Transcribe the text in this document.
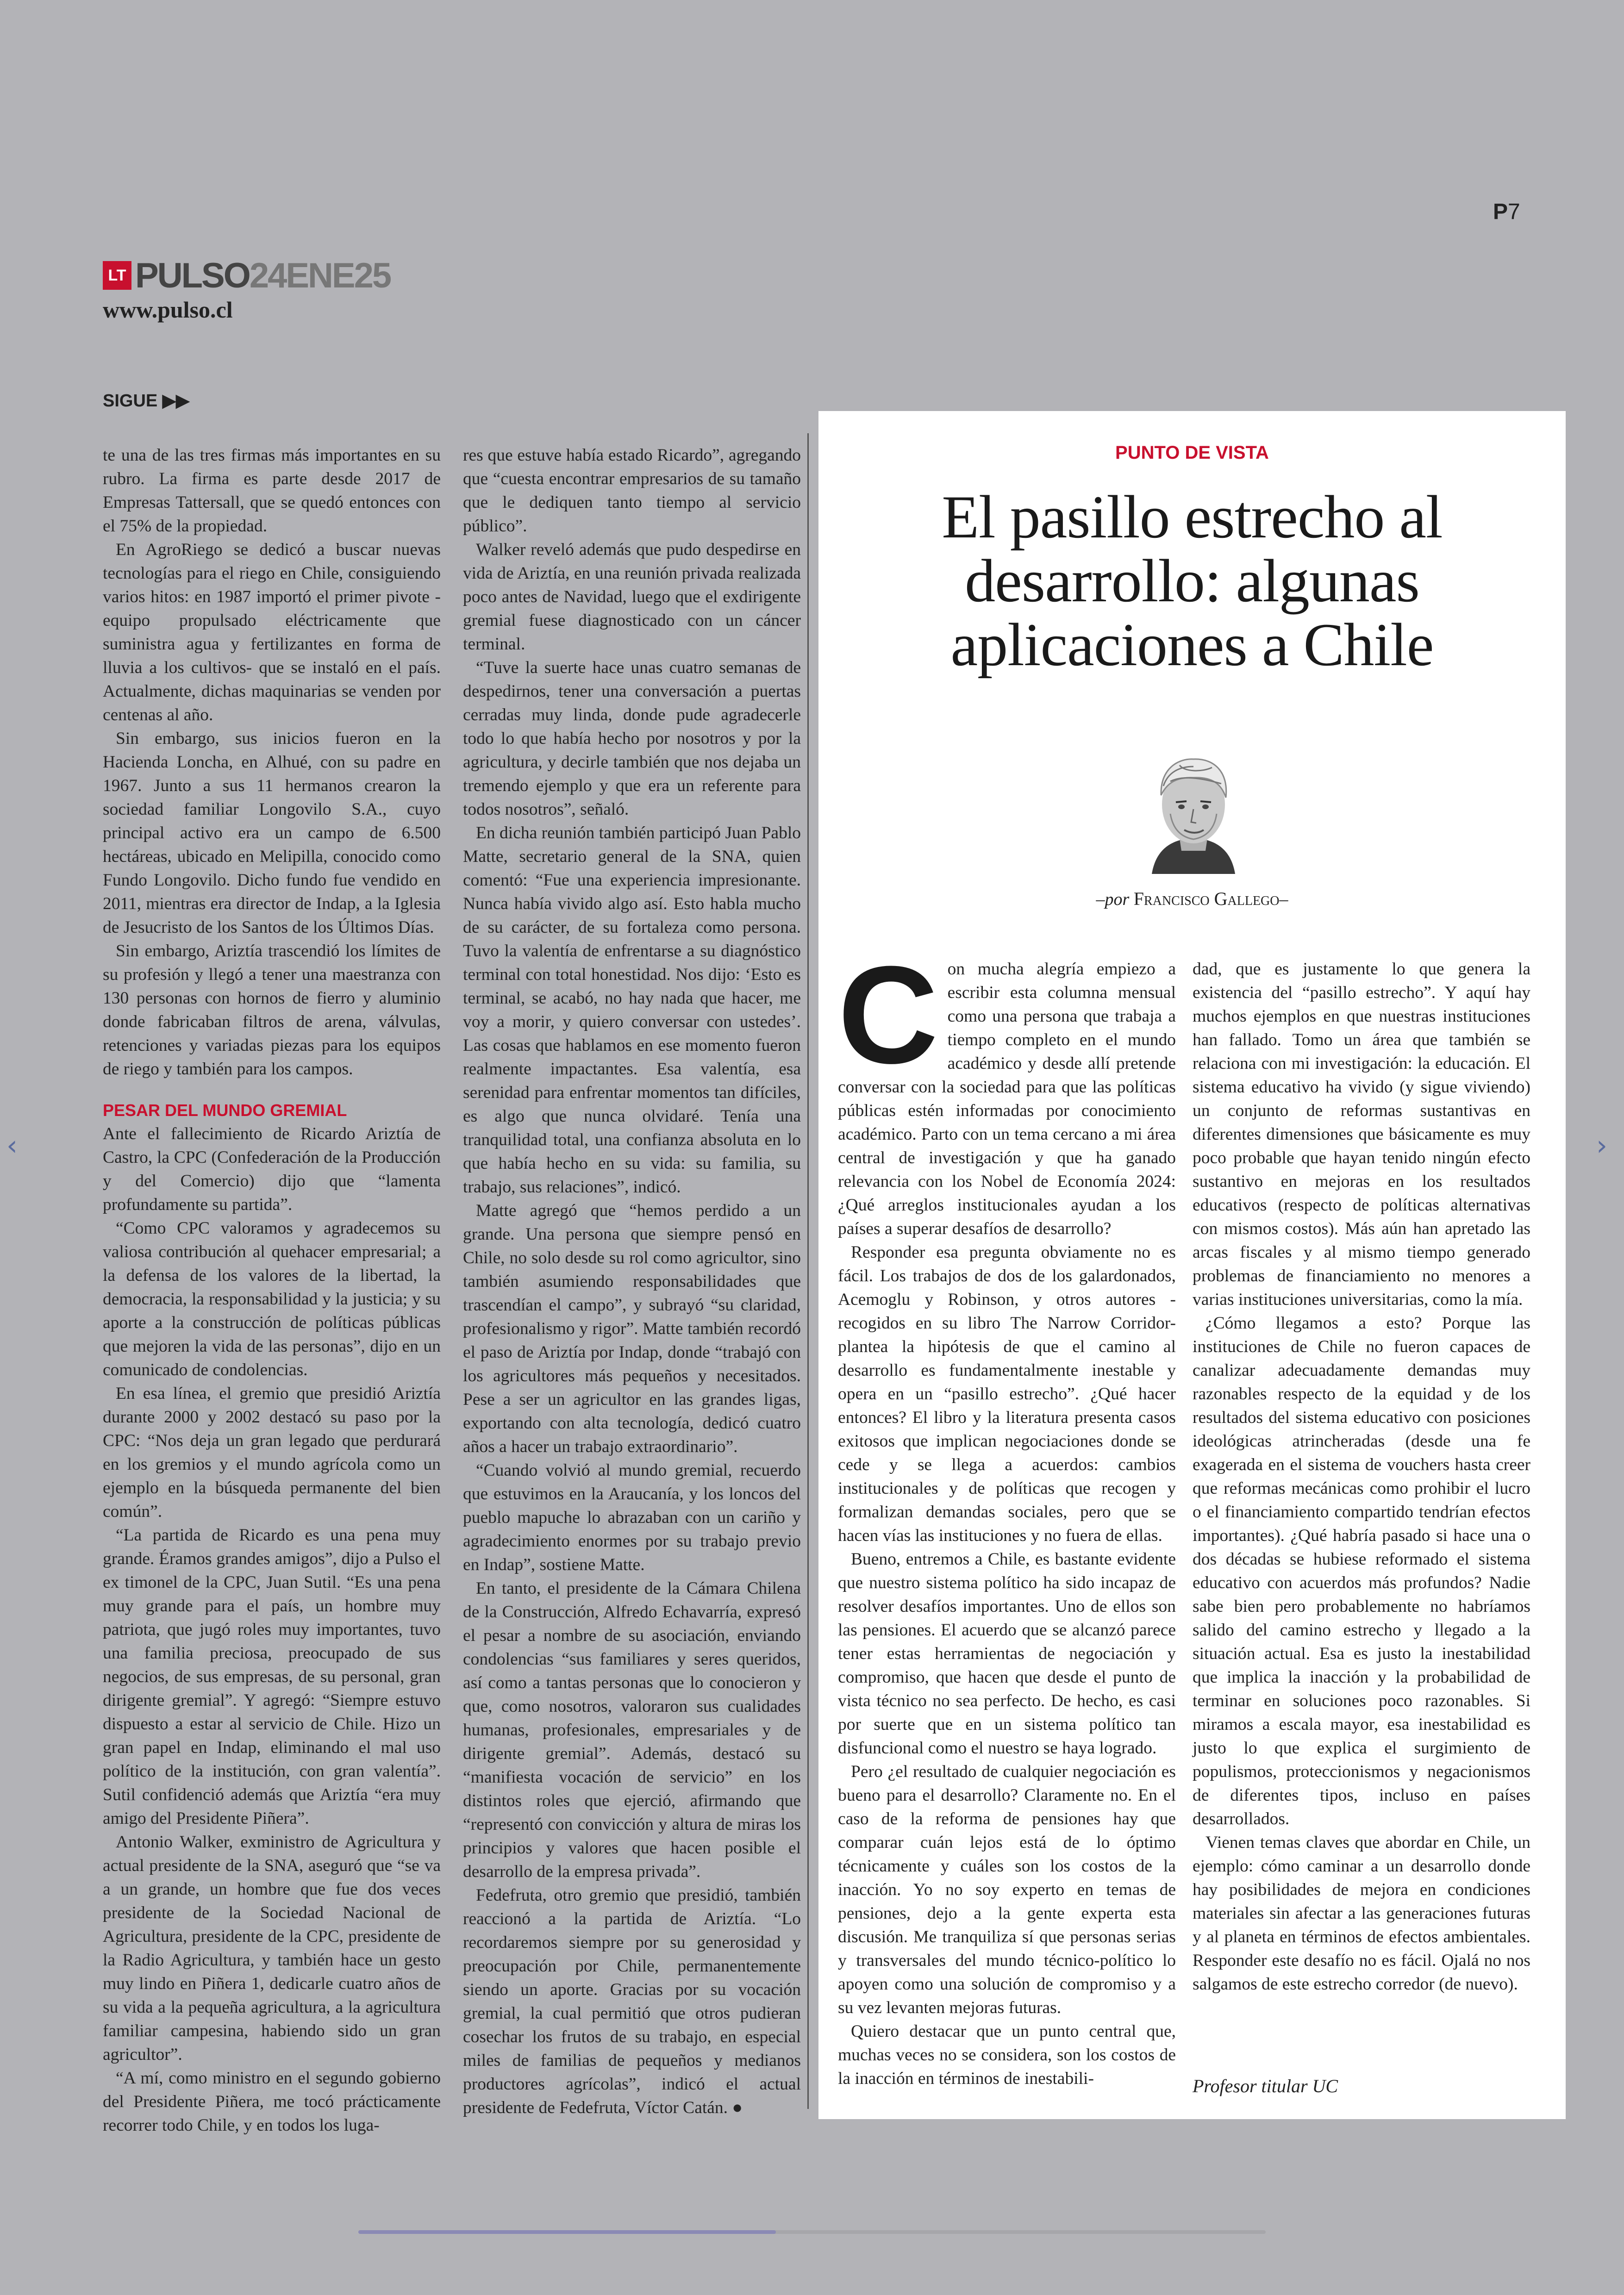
P7
LT PULSO 24ENE25
www.pulso.cl
SIGUE ▶▶

te una de las tres firmas más importantes en su rubro. La firma es parte desde 2017 de Empresas Tattersall, que se quedó entonces con el 75% de la propiedad.

En AgroRiego se dedicó a buscar nuevas tecnologías para el riego en Chile, consiguiendo varios hitos: en 1987 importó el primer pivote -equipo propulsado eléctricamente que suministra agua y fertilizantes en forma de lluvia a los cultivos- que se instaló en el país. Actualmente, dichas maquinarias se venden por centenas al año.

Sin embargo, sus inicios fueron en la Hacienda Loncha, en Alhué, con su padre en 1967. Junto a sus 11 hermanos crearon la sociedad familiar Longovilo S.A., cuyo principal activo era un campo de 6.500 hectáreas, ubicado en Melipilla, conocido como Fundo Longovilo. Dicho fundo fue vendido en 2011, mientras era director de Indap, a la Iglesia de Jesucristo de los Santos de los Últimos Días.

Sin embargo, Ariztía trascendió los límites de su profesión y llegó a tener una maestranza con 130 personas con hornos de fierro y aluminio donde fabricaban filtros de arena, válvulas, retenciones y variadas piezas para los equipos de riego y también para los campos.

PESAR DEL MUNDO GREMIAL

Ante el fallecimiento de Ricardo Ariztía de Castro, la CPC (Confederación de la Producción y del Comercio) dijo que “lamenta profundamente su partida”.

“Como CPC valoramos y agradecemos su valiosa contribución al quehacer empresarial; a la defensa de los valores de la libertad, la democracia, la responsabilidad y la justicia; y su aporte a la construcción de políticas públicas que mejoren la vida de las personas”, dijo en un comunicado de condolencias.

En esa línea, el gremio que presidió Ariztía durante 2000 y 2002 destacó su paso por la CPC: “Nos deja un gran legado que perdurará en los gremios y el mundo agrícola como un ejemplo en la búsqueda permanente del bien común”.

“La partida de Ricardo es una pena muy grande. Éramos grandes amigos”, dijo a Pulso el ex timonel de la CPC, Juan Sutil. “Es una pena muy grande para el país, un hombre muy patriota, que jugó roles muy importantes, tuvo una familia preciosa, preocupado de sus negocios, de sus empresas, de su personal, gran dirigente gremial”. Y agregó: “Siempre estuvo dispuesto a estar al servicio de Chile. Hizo un gran papel en Indap, eliminando el mal uso político de la institución, con gran valentía”. Sutil confidenció además que Ariztía “era muy amigo del Presidente Piñera”.

Antonio Walker, exministro de Agricultura y actual presidente de la SNA, aseguró que “se va a un grande, un hombre que fue dos veces presidente de la Sociedad Nacional de Agricultura, presidente de la CPC, presidente de la Radio Agricultura, y también hace un gesto muy lindo en Piñera 1, dedicarle cuatro años de su vida a la pequeña agricultura, a la agricultura familiar campesina, habiendo sido un gran agricultor”.

“A mí, como ministro en el segundo gobierno del Presidente Piñera, me tocó prácticamente recorrer todo Chile, y en todos los luga-

res que estuve había estado Ricardo”, agregando que “cuesta encontrar empresarios de su tamaño que le dediquen tanto tiempo al servicio público”.

Walker reveló además que pudo despedirse en vida de Ariztía, en una reunión privada realizada poco antes de Navidad, luego que el exdirigente gremial fuese diagnosticado con un cáncer terminal.

“Tuve la suerte hace unas cuatro semanas de despedirnos, tener una conversación a puertas cerradas muy linda, donde pude agradecerle todo lo que había hecho por nosotros y por la agricultura, y decirle también que nos dejaba un tremendo ejemplo y que era un referente para todos nosotros”, señaló.

En dicha reunión también participó Juan Pablo Matte, secretario general de la SNA, quien comentó: “Fue una experiencia impresionante. Nunca había vivido algo así. Esto habla mucho de su carácter, de su fortaleza como persona. Tuvo la valentía de enfrentarse a su diagnóstico terminal con total honestidad. Nos dijo: ‘Esto es terminal, se acabó, no hay nada que hacer, me voy a morir, y quiero conversar con ustedes’. Las cosas que hablamos en ese momento fueron realmente impactantes. Esa valentía, esa serenidad para enfrentar momentos tan difíciles, es algo que nunca olvidaré. Tenía una tranquilidad total, una confianza absoluta en lo que había hecho en su vida: su familia, su trabajo, sus relaciones”, indicó.

Matte agregó que “hemos perdido a un grande. Una persona que siempre pensó en Chile, no solo desde su rol como agricultor, sino también asumiendo responsabilidades que trascendían el campo”, y subrayó “su claridad, profesionalismo y rigor”. Matte también recordó el paso de Ariztía por Indap, donde “trabajó con los agricultores más pequeños y necesitados. Pese a ser un agricultor en las grandes ligas, exportando con alta tecnología, dedicó cuatro años a hacer un trabajo extraordinario”.

“Cuando volvió al mundo gremial, recuerdo que estuvimos en la Araucanía, y los loncos del pueblo mapuche lo abrazaban con un cariño y agradecimiento enormes por su trabajo previo en Indap”, sostiene Matte.

En tanto, el presidente de la Cámara Chilena de la Construcción, Alfredo Echavarría, expresó el pesar a nombre de su asociación, enviando condolencias “sus familiares y seres queridos, así como a tantas personas que lo conocieron y que, como nosotros, valoraron sus cualidades humanas, profesionales, empresariales y de dirigente gremial”. Además, destacó su “manifiesta vocación de servicio” en los distintos roles que ejerció, afirmando que “representó con convicción y altura de miras los principios y valores que hacen posible el desarrollo de la empresa privada”.

Fedefruta, otro gremio que presidió, también reaccionó a la partida de Ariztía. “Lo recordaremos siempre por su generosidad y preocupación por Chile, permanentemente siendo un aporte. Gracias por su vocación gremial, la cual permitió que otros pudieran cosechar los frutos de su trabajo, en especial miles de familias de pequeños y medianos productores agrícolas”, indicó el actual presidente de Fedefruta, Víctor Catán. ●

PUNTO DE VISTA
El pasillo estrecho al desarrollo: algunas aplicaciones a Chile
–por Francisco Gallego–

Con mucha alegría empiezo a escribir esta columna mensual como una persona que trabaja a tiempo completo en el mundo académico y desde allí pretende conversar con la sociedad para que las políticas públicas estén informadas por conocimiento académico. Parto con un tema cercano a mi área central de investigación y que ha ganado relevancia con los Nobel de Economía 2024: ¿Qué arreglos institucionales ayudan a los países a superar desafíos de desarrollo?

Responder esa pregunta obviamente no es fácil. Los trabajos de dos de los galardonados, Acemoglu y Robinson, y otros autores -recogidos en su libro The Narrow Corridor- plantea la hipótesis de que el camino al desarrollo es fundamentalmente inestable y opera en un “pasillo estrecho”. ¿Qué hacer entonces? El libro y la literatura presenta casos exitosos que implican negociaciones donde se cede y se llega a acuerdos: cambios institucionales y de políticas que recogen y formalizan demandas sociales, pero que se hacen vías las instituciones y no fuera de ellas.

Bueno, entremos a Chile, es bastante evidente que nuestro sistema político ha sido incapaz de resolver desafíos importantes. Uno de ellos son las pensiones. El acuerdo que se alcanzó parece tener estas herramientas de negociación y compromiso, que hacen que desde el punto de vista técnico no sea perfecto. De hecho, es casi por suerte que en un sistema político tan disfuncional como el nuestro se haya logrado.

Pero ¿el resultado de cualquier negociación es bueno para el desarrollo? Claramente no. En el caso de la reforma de pensiones hay que comparar cuán lejos está de lo óptimo técnicamente y cuáles son los costos de la inacción. Yo no soy experto en temas de pensiones, dejo a la gente experta esta discusión. Me tranquiliza sí que personas serias y transversales del mundo técnico-político lo apoyen como una solución de compromiso y a su vez levanten mejoras futuras.

Quiero destacar que un punto central que, muchas veces no se considera, son los costos de la inacción en términos de inestabili-

dad, que es justamente lo que genera la existencia del “pasillo estrecho”. Y aquí hay muchos ejemplos en que nuestras instituciones han fallado. Tomo un área que también se relaciona con mi investigación: la educación. El sistema educativo ha vivido (y sigue viviendo) un conjunto de reformas sustantivas en diferentes dimensiones que básicamente es muy poco probable que hayan tenido ningún efecto sustantivo en mejoras en los resultados educativos (respecto de políticas alternativas con mismos costos). Más aún han apretado las arcas fiscales y al mismo tiempo generado problemas de financiamiento no menores a varias instituciones universitarias, como la mía.

¿Cómo llegamos a esto? Porque las instituciones de Chile no fueron capaces de canalizar adecuadamente demandas muy razonables respecto de la equidad y de los resultados del sistema educativo con posiciones ideológicas atrincheradas (desde una fe exagerada en el sistema de vouchers hasta creer que reformas mecánicas como prohibir el lucro o el financiamiento compartido tendrían efectos importantes). ¿Qué habría pasado si hace una o dos décadas se hubiese reformado el sistema educativo con acuerdos más profundos? Nadie sabe bien pero probablemente no habríamos salido del camino estrecho y llegado a la situación actual. Esa es justo la inestabilidad que implica la inacción y la probabilidad de terminar en soluciones poco razonables. Si miramos a escala mayor, esa inestabilidad es justo lo que explica el surgimiento de populismos, proteccionismos y negacionismos de diferentes tipos, incluso en países desarrollados.

Vienen temas claves que abordar en Chile, un ejemplo: cómo caminar a un desarrollo donde hay posibilidades de mejora en condiciones materiales sin afectar a las generaciones futuras y al planeta en términos de efectos ambientales. Responder este desafío no es fácil. Ojalá no nos salgamos de este estrecho corredor (de nuevo).

Profesor titular UC
‹	›
